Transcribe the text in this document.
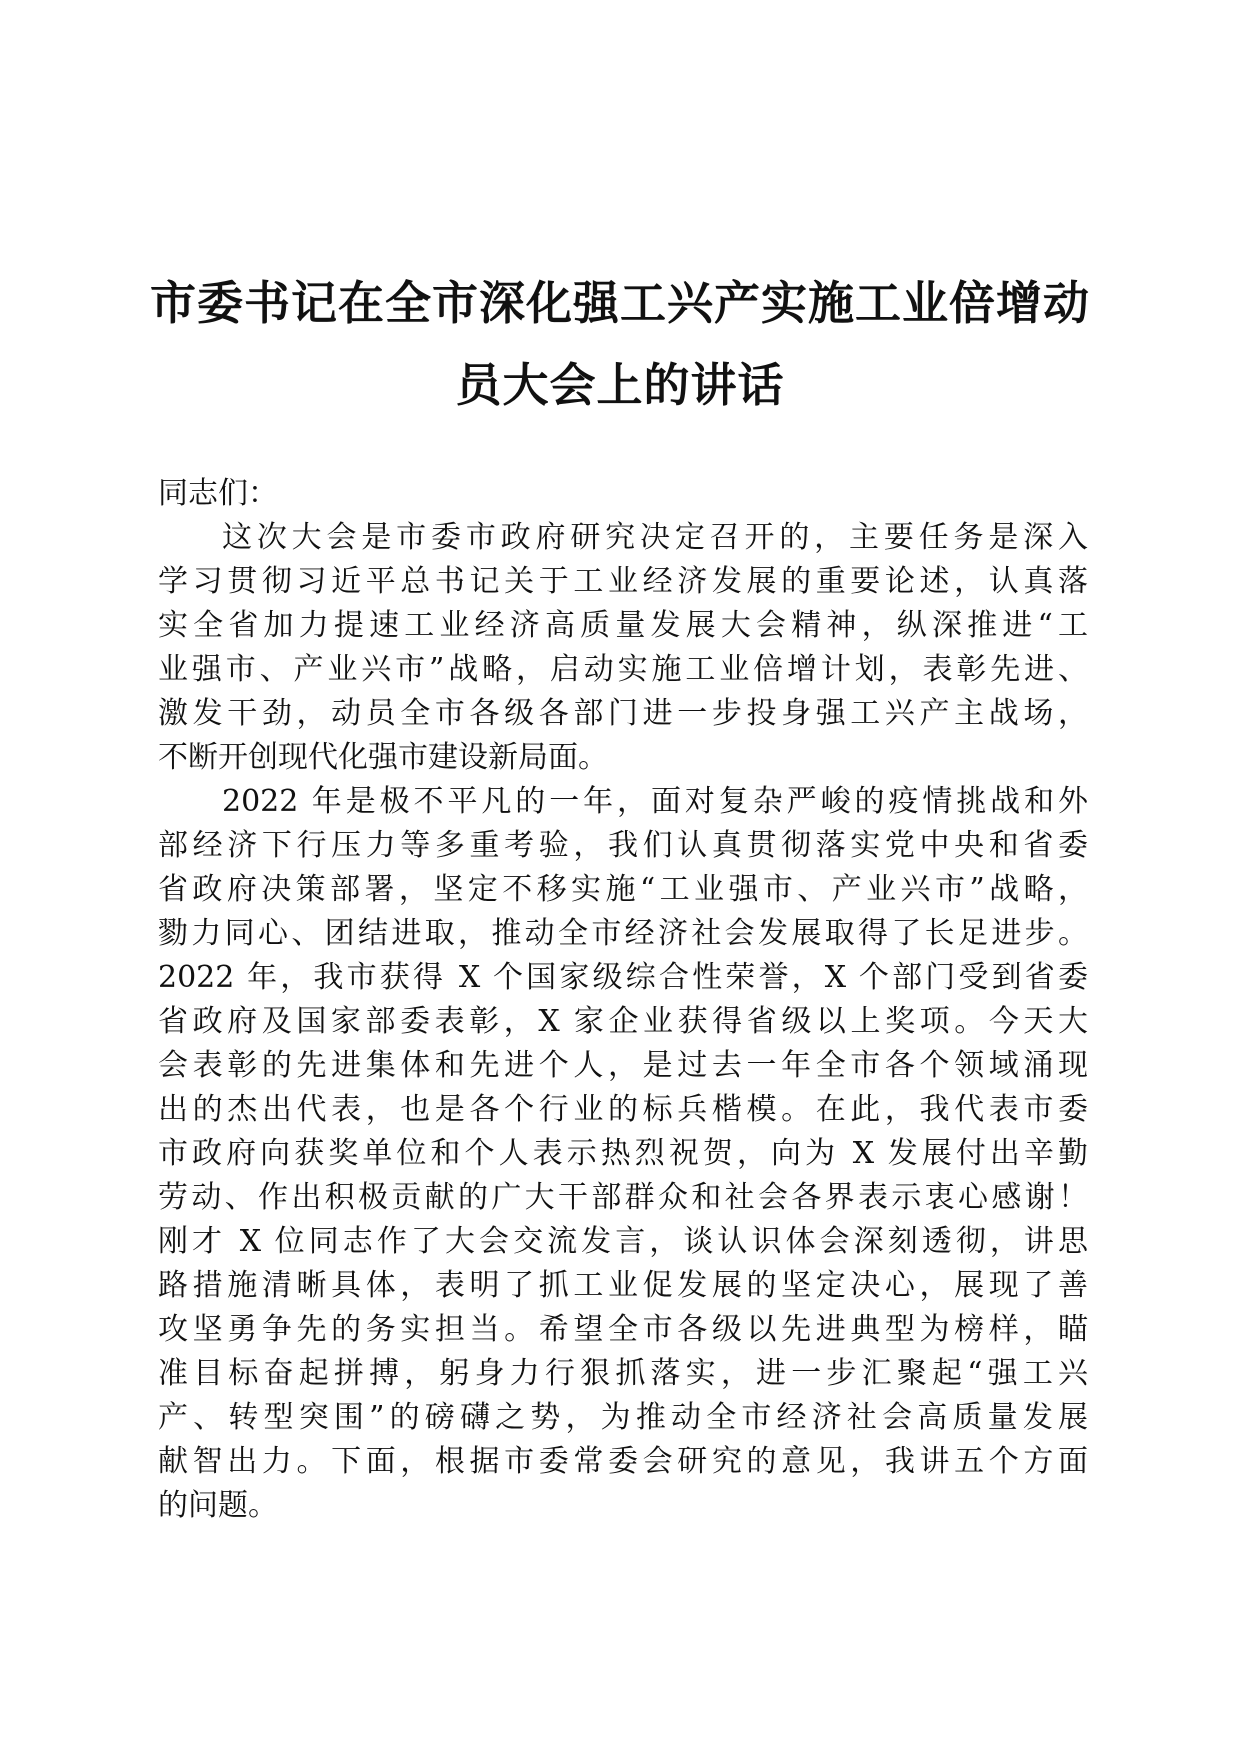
市委书记在全市深化强工兴产实施工业倍增动
员大会上的讲话
同志们：
这次大会是市委市政府研究决定召开的，主要任务是深入
学习贯彻习近平总书记关于工业经济发展的重要论述，认真落
实全省加力提速工业经济高质量发展大会精神，纵深推进“工
业强市、产业兴市”战略，启动实施工业倍增计划，表彰先进、
激发干劲，动员全市各级各部门进一步投身强工兴产主战场，
不断开创现代化强市建设新局面。
2022 年是极不平凡的一年，面对复杂严峻的疫情挑战和外
部经济下行压力等多重考验，我们认真贯彻落实党中央和省委
省政府决策部署，坚定不移实施“工业强市、产业兴市”战略，
勠力同心、团结进取，推动全市经济社会发展取得了长足进步。
2022 年，我市获得 X 个国家级综合性荣誉，X 个部门受到省委
省政府及国家部委表彰，X 家企业获得省级以上奖项。今天大
会表彰的先进集体和先进个人，是过去一年全市各个领域涌现
出的杰出代表，也是各个行业的标兵楷模。在此，我代表市委
市政府向获奖单位和个人表示热烈祝贺，向为 X 发展付出辛勤
劳动、作出积极贡献的广大干部群众和社会各界表示衷心感谢！
刚才 X 位同志作了大会交流发言，谈认识体会深刻透彻，讲思
路措施清晰具体，表明了抓工业促发展的坚定决心，展现了善
攻坚勇争先的务实担当。希望全市各级以先进典型为榜样，瞄
准目标奋起拼搏，躬身力行狠抓落实，进一步汇聚起“强工兴
产、转型突围”的磅礴之势，为推动全市经济社会高质量发展
献智出力。下面，根据市委常委会研究的意见，我讲五个方面
的问题。
